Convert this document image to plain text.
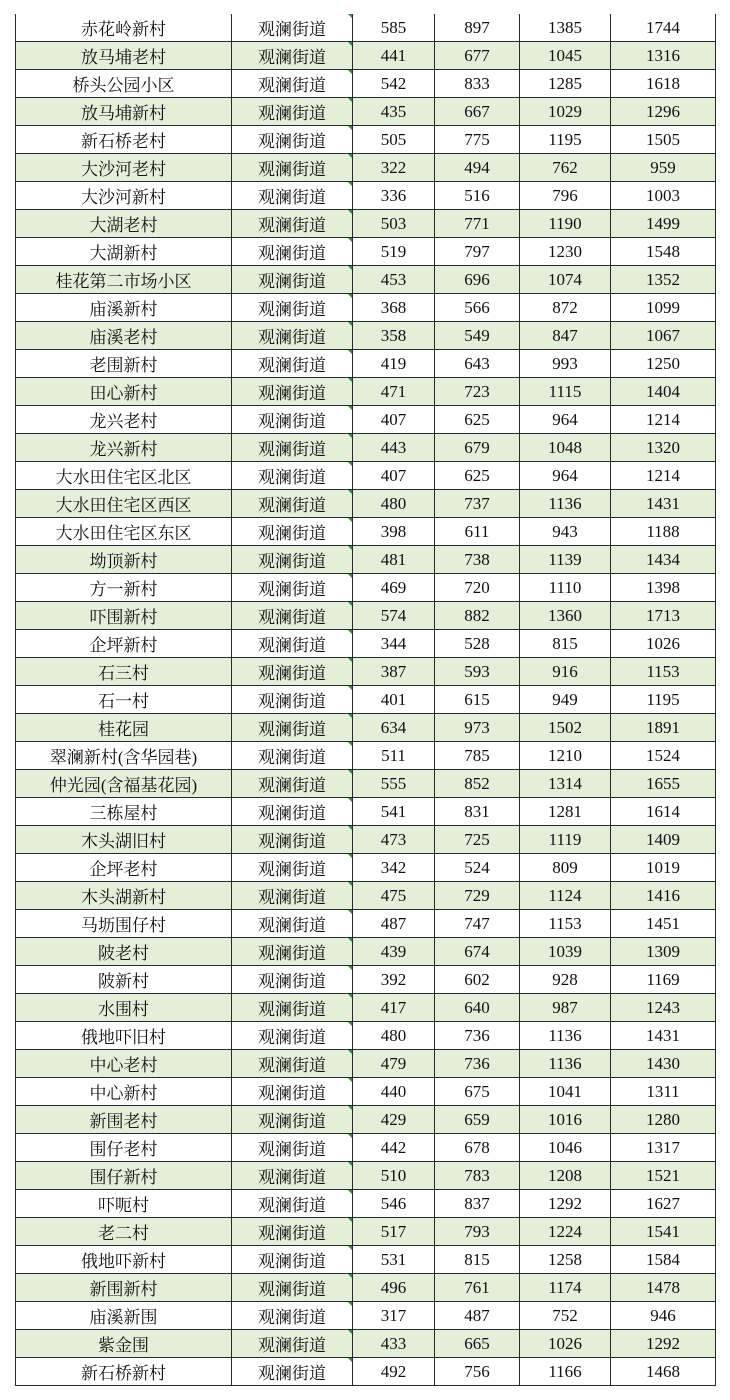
赤花岭新村	观澜街道	585	897	1385	1744
放马埔老村	观澜街道	441	677	1045	1316
桥头公园小区	观澜街道	542	833	1285	1618
放马埔新村	观澜街道	435	667	1029	1296
新石桥老村	观澜街道	505	775	1195	1505
大沙河老村	观澜街道	322	494	762	959
大沙河新村	观澜街道	336	516	796	1003
大湖老村	观澜街道	503	771	1190	1499
大湖新村	观澜街道	519	797	1230	1548
桂花第二市场小区	观澜街道	453	696	1074	1352
庙溪新村	观澜街道	368	566	872	1099
庙溪老村	观澜街道	358	549	847	1067
老围新村	观澜街道	419	643	993	1250
田心新村	观澜街道	471	723	1115	1404
龙兴老村	观澜街道	407	625	964	1214
龙兴新村	观澜街道	443	679	1048	1320
大水田住宅区北区	观澜街道	407	625	964	1214
大水田住宅区西区	观澜街道	480	737	1136	1431
大水田住宅区东区	观澜街道	398	611	943	1188
坳顶新村	观澜街道	481	738	1139	1434
方一新村	观澜街道	469	720	1110	1398
吓围新村	观澜街道	574	882	1360	1713
企坪新村	观澜街道	344	528	815	1026
石三村	观澜街道	387	593	916	1153
石一村	观澜街道	401	615	949	1195
桂花园	观澜街道	634	973	1502	1891
翠澜新村(含华园巷)	观澜街道	511	785	1210	1524
仲光园(含福基花园)	观澜街道	555	852	1314	1655
三栋屋村	观澜街道	541	831	1281	1614
木头湖旧村	观澜街道	473	725	1119	1409
企坪老村	观澜街道	342	524	809	1019
木头湖新村	观澜街道	475	729	1124	1416
马坜围仔村	观澜街道	487	747	1153	1451
陂老村	观澜街道	439	674	1039	1309
陂新村	观澜街道	392	602	928	1169
水围村	观澜街道	417	640	987	1243
俄地吓旧村	观澜街道	480	736	1136	1431
中心老村	观澜街道	479	736	1136	1430
中心新村	观澜街道	440	675	1041	1311
新围老村	观澜街道	429	659	1016	1280
围仔老村	观澜街道	442	678	1046	1317
围仔新村	观澜街道	510	783	1208	1521
吓呃村	观澜街道	546	837	1292	1627
老二村	观澜街道	517	793	1224	1541
俄地吓新村	观澜街道	531	815	1258	1584
新围新村	观澜街道	496	761	1174	1478
庙溪新围	观澜街道	317	487	752	946
紫金围	观澜街道	433	665	1026	1292
新石桥新村	观澜街道	492	756	1166	1468
